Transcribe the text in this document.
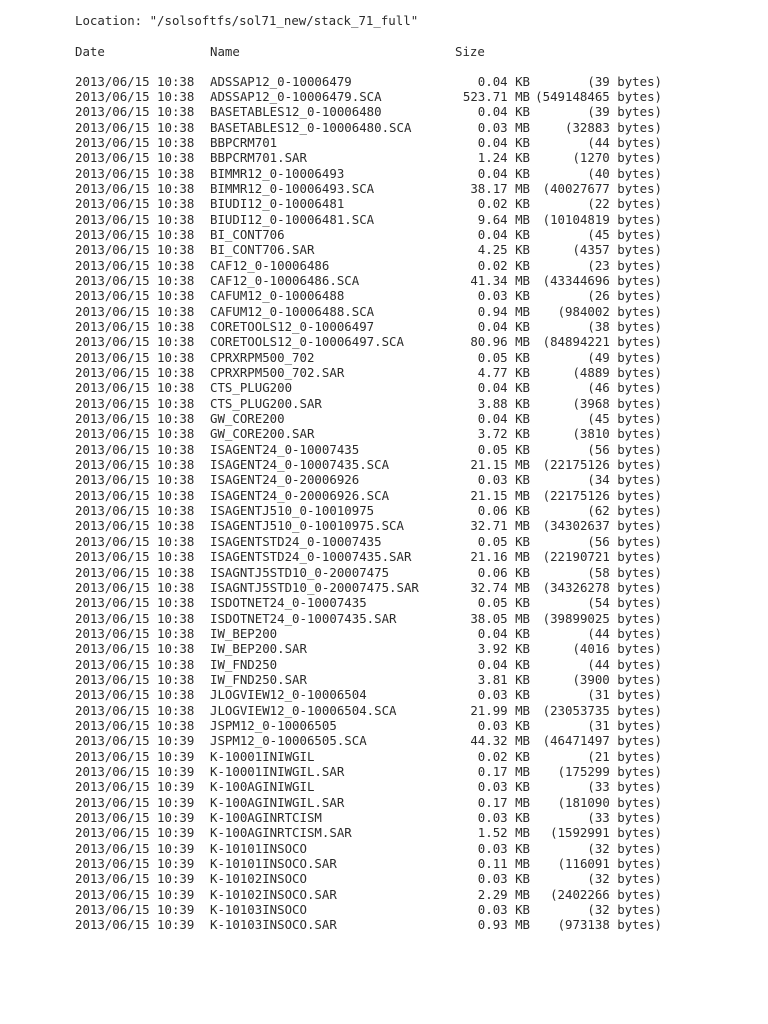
Location: "/solsoftfs/sol71_new/stack_71_full"
Date	Name	Size
2013/06/15 10:38 ADSSAP12_0-10006479	0.04 KB	(39 bytes)
2013/06/15 10:38 ADSSAP12_0-10006479.SCA	523.71 MB (549148465 bytes)
2013/06/15 10:38 BASETABLES12_0-10006480	0.04 KB	(39 bytes)
2013/06/15 10:38 BASETABLES12_0-10006480.SCA	0.03 MB	(32883 bytes)
2013/06/15 10:38 BBPCRM701	0.04 KB	(44 bytes)
2013/06/15 10:38 BBPCRM701.SAR	1.24 KB	(1270 bytes)
2013/06/15 10:38 BIMMR12_0-10006493	0.04 KB	(40 bytes)
2013/06/15 10:38 BIMMR12_0-10006493.SCA	38.17 MB (40027677 bytes)
2013/06/15 10:38 BIUDI12_0-10006481	0.02 KB	(22 bytes)
2013/06/15 10:38 BIUDI12_0-10006481.SCA	9.64 MB (10104819 bytes)
2013/06/15 10:38 BI_CONT706	0.04 KB	(45 bytes)
2013/06/15 10:38 BI_CONT706.SAR	4.25 KB	(4357 bytes)
2013/06/15 10:38 CAF12_0-10006486	0.02 KB	(23 bytes)
2013/06/15 10:38 CAF12_0-10006486.SCA	41.34 MB (43344696 bytes)
2013/06/15 10:38 CAFUM12_0-10006488	0.03 KB	(26 bytes)
2013/06/15 10:38 CAFUM12_0-10006488.SCA	0.94 MB (984002 bytes)
2013/06/15 10:38 CORETOOLS12_0-10006497	0.04 KB	(38 bytes)
2013/06/15 10:38 CORETOOLS12_0-10006497.SCA	80.96 MB (84894221 bytes)
2013/06/15 10:38 CPRXRPM500_702	0.05 KB	(49 bytes)
2013/06/15 10:38 CPRXRPM500_702.SAR	4.77 KB	(4889 bytes)
2013/06/15 10:38 CTS_PLUG200	0.04 KB	(46 bytes)
2013/06/15 10:38 CTS_PLUG200.SAR	3.88 KB	(3968 bytes)
2013/06/15 10:38 GW_CORE200	0.04 KB	(45 bytes)
2013/06/15 10:38 GW_CORE200.SAR	3.72 KB	(3810 bytes)
2013/06/15 10:38 ISAGENT24_0-10007435	0.05 KB	(56 bytes)
2013/06/15 10:38 ISAGENT24_0-10007435.SCA	21.15 MB (22175126 bytes)
2013/06/15 10:38 ISAGENT24_0-20006926	0.03 KB	(34 bytes)
2013/06/15 10:38 ISAGENT24_0-20006926.SCA	21.15 MB (22175126 bytes)
2013/06/15 10:38 ISAGENTJ510_0-10010975	0.06 KB	(62 bytes)
2013/06/15 10:38 ISAGENTJ510_0-10010975.SCA	32.71 MB (34302637 bytes)
2013/06/15 10:38 ISAGENTSTD24_0-10007435	0.05 KB	(56 bytes)
2013/06/15 10:38 ISAGENTSTD24_0-10007435.SAR	21.16 MB (22190721 bytes)
2013/06/15 10:38 ISAGNTJ5STD10_0-20007475	0.06 KB	(58 bytes)
2013/06/15 10:38 ISAGNTJ5STD10_0-20007475.SAR	32.74 MB (34326278 bytes)
2013/06/15 10:38 ISDOTNET24_0-10007435	0.05 KB	(54 bytes)
2013/06/15 10:38 ISDOTNET24_0-10007435.SAR	38.05 MB (39899025 bytes)
2013/06/15 10:38 IW_BEP200	0.04 KB	(44 bytes)
2013/06/15 10:38 IW_BEP200.SAR	3.92 KB	(4016 bytes)
2013/06/15 10:38 IW_FND250	0.04 KB	(44 bytes)
2013/06/15 10:38 IW_FND250.SAR	3.81 KB	(3900 bytes)
2013/06/15 10:38 JLOGVIEW12_0-10006504	0.03 KB	(31 bytes)
2013/06/15 10:38 JLOGVIEW12_0-10006504.SCA	21.99 MB (23053735 bytes)
2013/06/15 10:38 JSPM12_0-10006505	0.03 KB	(31 bytes)
2013/06/15 10:39 JSPM12_0-10006505.SCA	44.32 MB (46471497 bytes)
2013/06/15 10:39 K-10001INIWGIL	0.02 KB	(21 bytes)
2013/06/15 10:39 K-10001INIWGIL.SAR	0.17 MB (175299 bytes)
2013/06/15 10:39 K-100AGINIWGIL	0.03 KB	(33 bytes)
2013/06/15 10:39 K-100AGINIWGIL.SAR	0.17 MB (181090 bytes)
2013/06/15 10:39 K-100AGINRTCISM	0.03 KB	(33 bytes)
2013/06/15 10:39 K-100AGINRTCISM.SAR	1.52 MB (1592991 bytes)
2013/06/15 10:39 K-10101INSOCO	0.03 KB	(32 bytes)
2013/06/15 10:39 K-10101INSOCO.SAR	0.11 MB (116091 bytes)
2013/06/15 10:39 K-10102INSOCO	0.03 KB	(32 bytes)
2013/06/15 10:39 K-10102INSOCO.SAR	2.29 MB (2402266 bytes)
2013/06/15 10:39 K-10103INSOCO	0.03 KB	(32 bytes)
2013/06/15 10:39 K-10103INSOCO.SAR	0.93 MB (973138 bytes)
